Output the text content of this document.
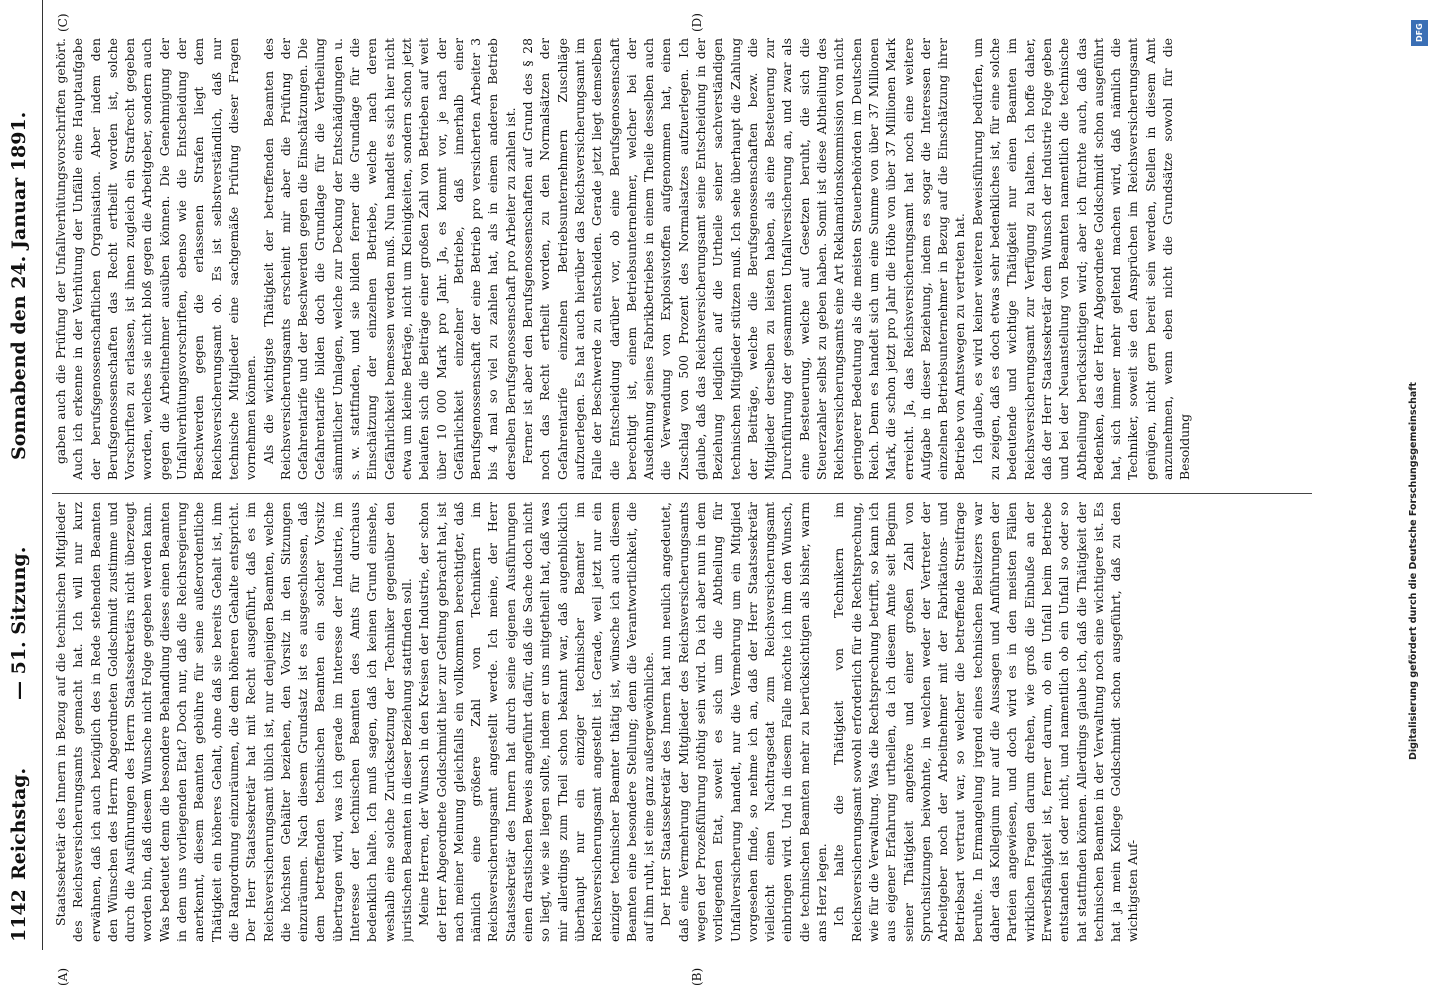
1142
Reichstag.
— 51. Sitzung.
Sonnabend den 24. Januar 1891.
(A)	(B)
(C)	(D)

Staatssekretär des Innern in Bezug auf die technischen Mitglieder des Reichsversicherungsamts gemacht hat. Ich will nur kurz erwähnen, daß ich auch bezüglich des in Rede stehenden Beamten den Wünschen des Herrn Abgeordneten Goldschmidt zustimme und durch die Ausführungen des Herrn Staatssekretärs nicht überzeugt worden bin, daß diesem Wunsche nicht Folge gegeben werden kann. Was bedeutet denn die besondere Behandlung dieses einen Beamten in dem uns vorliegenden Etat? Doch nur, daß die Reichsregierung anerkennt, diesem Beamten gebühre für seine außerordentliche Thätigkeit ein höheres Gehalt, ohne daß sie bereits Gehalt ist, ihm die Rangordnung einzuräumen, die dem höheren Gehalte entspricht. Der Herr Staatssekretär hat mit Recht ausgeführt, daß es im Reichsversicherungsamt üblich ist, nur denjenigen Beamten, welche die höchsten Gehälter beziehen, den Vorsitz in den Sitzungen einzuräumen. Nach diesem Grundsatz ist es ausgeschlossen, daß dem betreffenden technischen Beamten ein solcher Vorsitz übertragen wird, was ich gerade im Interesse der Industrie, im Interesse der technischen Beamten des Amts für durchaus bedenklich halte. Ich muß sagen, daß ich keinen Grund einsehe, weshalb eine solche Zurücksetzung der Techniker gegenüber den juristischen Beamten in dieser Beziehung stattfinden soll. Meine Herren, der Wunsch in den Kreisen der Industrie, der schon der Herr Abgeordnete Goldschmidt hier zur Geltung gebracht hat, ist nach meiner Meinung gleichfalls ein vollkommen berechtigter, daß nämlich eine größere Zahl von Technikern im Reichsversicherungsamt angestellt werde. Ich meine, der Herr Staatssekretär des Innern hat durch seine eigenen Ausführungen einen drastischen Beweis angeführt dafür, daß die Sache doch nicht so liegt, wie sie liegen sollte, indem er uns mitgetheilt hat, daß was mir allerdings zum Theil schon bekannt war, daß augenblicklich überhaupt nur ein einziger technischer Beamter im Reichsversicherungsamt angestellt ist. Gerade, weil jetzt nur ein einziger technischer Beamter thätig ist, wünsche ich auch diesem Beamten eine besondere Stellung; denn die Verantwortlichkeit, die auf ihm ruht, ist eine ganz außergewöhnliche. Der Herr Staatssekretär des Innern hat nun neulich angedeutet, daß eine Vermehrung der Mitglieder des Reichsversicherungsamts wegen der Prozeßführung nöthig sein wird. Da ich aber nun in dem vorliegenden Etat, soweit es sich um die Abtheilung für Unfallversicherung handelt, nur die Vermehrung um ein Mitglied vorgesehen finde, so nehme ich an, daß der Herr Staatssekretär vielleicht einen Nachtragsetat zum Reichsversicherungsamt einbringen wird. Und in diesem Falle möchte ich ihm den Wunsch, die technischen Beamten mehr zu berücksichtigen als bisher, warm ans Herz legen. Ich halte die Thätigkeit von Technikern im Reichsversicherungsamt sowohl erforderlich für die Rechtsprechung, wie für die Verwaltung. Was die Rechtsprechung betrifft, so kann ich aus eigener Erfahrung urtheilen, da ich diesem Amte seit Beginn seiner Thätigkeit angehöre und einer großen Zahl von Spruchsitzungen beiwohnte, in welchen weder der Vertreter der Arbeitgeber noch der Arbeitnehmer mit der Fabrikations- und Betriebsart vertraut war, so welcher die betreffende Streitfrage beruhte. In Ermangelung irgend eines technischen Beisitzers war daher das Kollegium nur auf die Aussagen und Anführungen der Parteien angewiesen, und doch wird es in den meisten Fällen wirklichen Fragen darum drehen, wie groß die Einbuße an der Erwerbsfähigkeit ist, ferner darum, ob ein Unfall beim Betriebe entstanden ist oder nicht, und namentlich ob ein Unfall so oder so hat stattfinden können. Allerdings glaube ich, daß die Thätigkeit der technischen Beamten in der Verwaltung noch eine wichtigere ist. Es hat ja mein Kollege Goldschmidt schon ausgeführt, daß zu den wichtigsten Auf-

gaben auch die Prüfung der Unfallverhütungsvorschriften gehört. Auch ich erkenne in der Verhütung der Unfälle eine Hauptaufgabe der berufsgenossenschaftlichen Organisation. Aber indem den Berufsgenossenschaften das Recht ertheilt worden ist, solche Vorschriften zu erlassen, ist ihnen zugleich ein Strafrecht gegeben worden, welches sie nicht bloß gegen die Arbeitgeber, sondern auch gegen die Arbeitnehmer ausüben können. Die Genehmigung der Unfallverhütungsvorschriften, ebenso wie die Entscheidung der Beschwerden gegen die erlassenen Strafen liegt dem Reichsversicherungsamt ob. Es ist selbstverständlich, daß nur technische Mitglieder eine sachgemäße Prüfung dieser Fragen vornehmen können. Als die wichtigste Thätigkeit der betreffenden Beamten des Reichsversicherungsamts erscheint mir aber die Prüfung der Gefahrentarife und der Beschwerden gegen die Einschätzungen. Die Gefahrentarife bilden doch die Grundlage für die Vertheilung sämmtlicher Umlagen, welche zur Deckung der Entschädigungen u. s. w. stattfinden, und sie bilden ferner die Grundlage für die Einschätzung der einzelnen Betriebe, welche nach deren Gefährlichkeit bemessen werden muß. Nun handelt es sich hier nicht etwa um kleine Beträge, nicht um Kleinigkeiten, sondern schon jetzt belaufen sich die Beiträge einer großen Zahl von Betrieben auf weit über 10 000 Mark pro Jahr. Ja, es kommt vor, je nach der Gefährlichkeit einzelner Betriebe, daß innerhalb einer Berufsgenossenschaft der eine Betrieb pro versicherten Arbeiter 3 bis 4 mal so viel zu zahlen hat, als in einem anderen Betrieb derselben Berufsgenossenschaft pro Arbeiter zu zahlen ist. Ferner ist aber den Berufsgenossenschaften auf Grund des § 28 noch das Recht ertheilt worden, zu den Normalsätzen der Gefahrentarife einzelnen Betriebsunternehmern Zuschläge aufzuerlegen. Es hat auch hierüber das Reichsversicherungsamt im Falle der Beschwerde zu entscheiden. Gerade jetzt liegt demselben die Entscheidung darüber vor, ob eine Berufsgenossenschaft berechtigt ist, einem Betriebsunternehmer, welcher bei der Ausdehnung seines Fabrikbetriebes in einem Theile desselben auch die Verwendung von Explosivstoffen aufgenommen hat, einen Zuschlag von 500 Prozent des Normalsatzes aufzuerlegen. Ich glaube, daß das Reichsversicherungsamt seine Entscheidung in der Beziehung lediglich auf die Urtheile seiner sachverständigen technischen Mitglieder stützen muß. Ich sehe überhaupt die Zahlung der Beiträge, welche die Berufsgenossenschaften bezw. die Mitglieder derselben zu leisten haben, als eine Besteuerung zur Durchführung der gesammten Unfallversicherung an, und zwar als eine Besteuerung, welche auf Gesetzen beruht, die sich die Steuerzahler selbst zu geben haben. Somit ist diese Abtheilung des Reichsversicherungsamts eine Art Reklamationskommission von nicht geringerer Bedeutung als die meisten Steuerbehörden im Deutschen Reich. Denn es handelt sich um eine Summe von über 37 Millionen Mark, die schon jetzt pro Jahr die Höhe von über 37 Millionen Mark erreicht. Ja, das Reichsversicherungsamt hat noch eine weitere Aufgabe in dieser Beziehung, indem es sogar die Interessen der einzelnen Betriebsunternehmer in Bezug auf die Einschätzung ihrer Betriebe von Amtswegen zu vertreten hat. Ich glaube, es wird keiner weiteren Beweisführung bedürfen, um zu zeigen, daß es doch etwas sehr bedenkliches ist, für eine solche bedeutende und wichtige Thätigkeit nur einen Beamten im Reichsversicherungsamt zur Verfügung zu halten. Ich hoffe daher, daß der Herr Staatssekretär dem Wunsch der Industrie Folge geben und bei der Neuanstellung von Beamten namentlich die technische Abtheilung berücksichtigen wird; aber ich fürchte auch, daß das Bedenken, das der Herr Abgeordnete Goldschmidt schon ausgeführt hat, sich immer mehr geltend machen wird, daß nämlich die Techniker, soweit sie den Ansprüchen im Reichsversicherungsamt genügen, nicht gern bereit sein werden, Stellen in diesem Amt anzunehmen, wenn eben nicht die Grundsätze sowohl für die Besoldung

DFG
Digitalisierung gefördert durch die Deutsche Forschungsgemeinschaft
